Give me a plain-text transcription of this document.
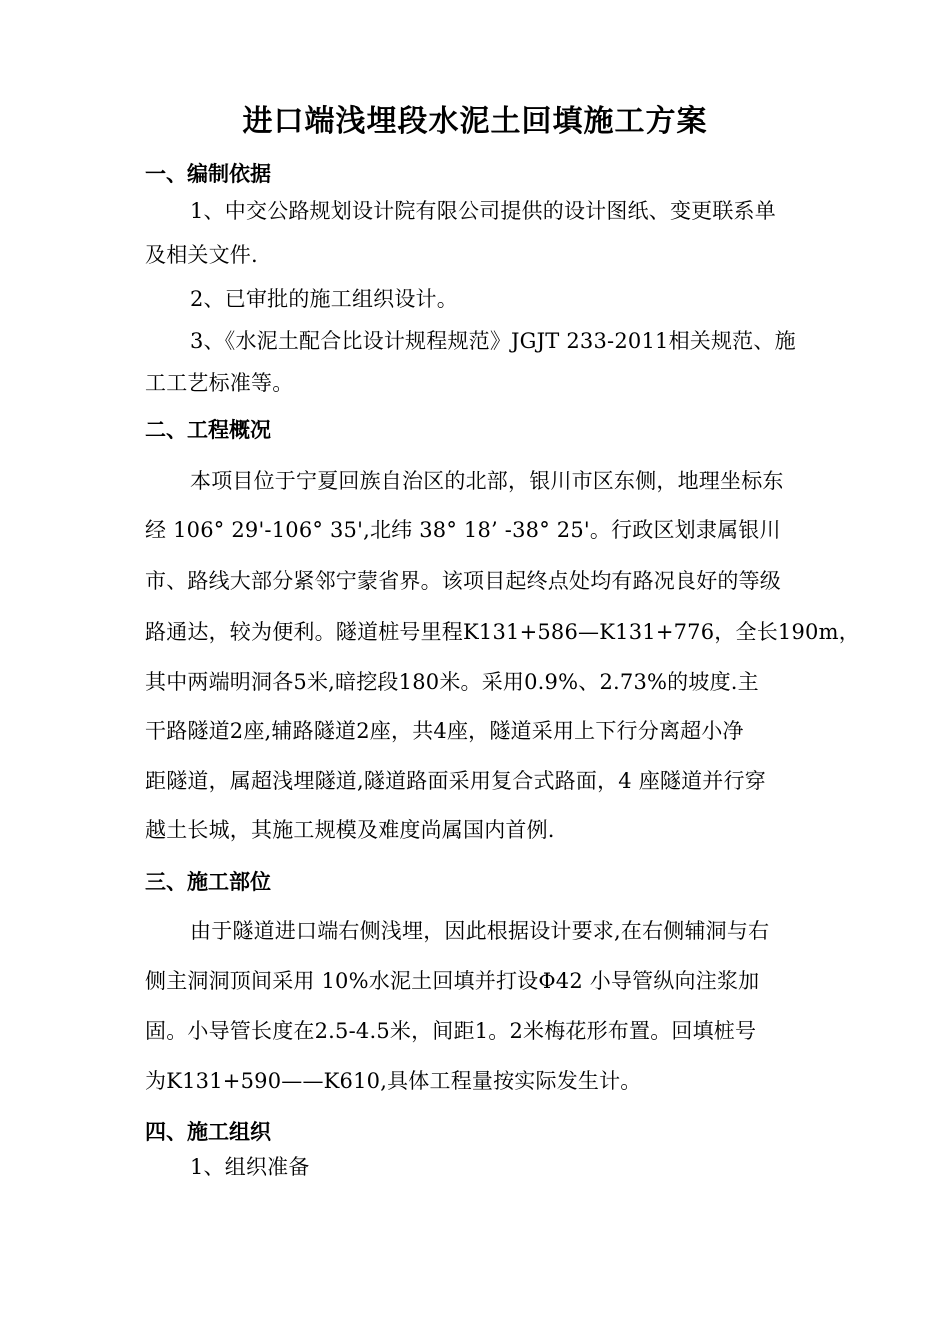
进口端浅埋段水泥土回填施工方案
一、编制依据
1、中交公路规划设计院有限公司提供的设计图纸、变更联系单
及相关文件.
2、已审批的施工组织设计。
3、《水泥土配合比设计规程规范》JGJT 233-2011相关规范、施
工工艺标准等。
二、工程概况
本项目位于宁夏回族自治区的北部，银川市区东侧，地理坐标东
经 106° 29'-106° 35',北纬 38° 18’ -38° 25'。行政区划隶属银川
市、路线大部分紧邻宁蒙省界。该项目起终点处均有路况良好的等级
路通达，较为便利。隧道桩号里程K131+586—K131+776，全长190m，
其中两端明洞各5米,暗挖段180米。采用0.9%、2.73%的坡度.主
干路隧道2座,辅路隧道2座，共4座，隧道采用上下行分离超小净
距隧道，属超浅埋隧道,隧道路面采用复合式路面，4 座隧道并行穿
越土长城，其施工规模及难度尚属国内首例.
三、施工部位
由于隧道进口端右侧浅埋，因此根据设计要求,在右侧辅洞与右
侧主洞洞顶间采用 10%水泥土回填并打设Φ42 小导管纵向注浆加
固。小导管长度在2.5-4.5米，间距1。2米梅花形布置。回填桩号
为K131+590——K610,具体工程量按实际发生计。
四、施工组织
1、组织准备
